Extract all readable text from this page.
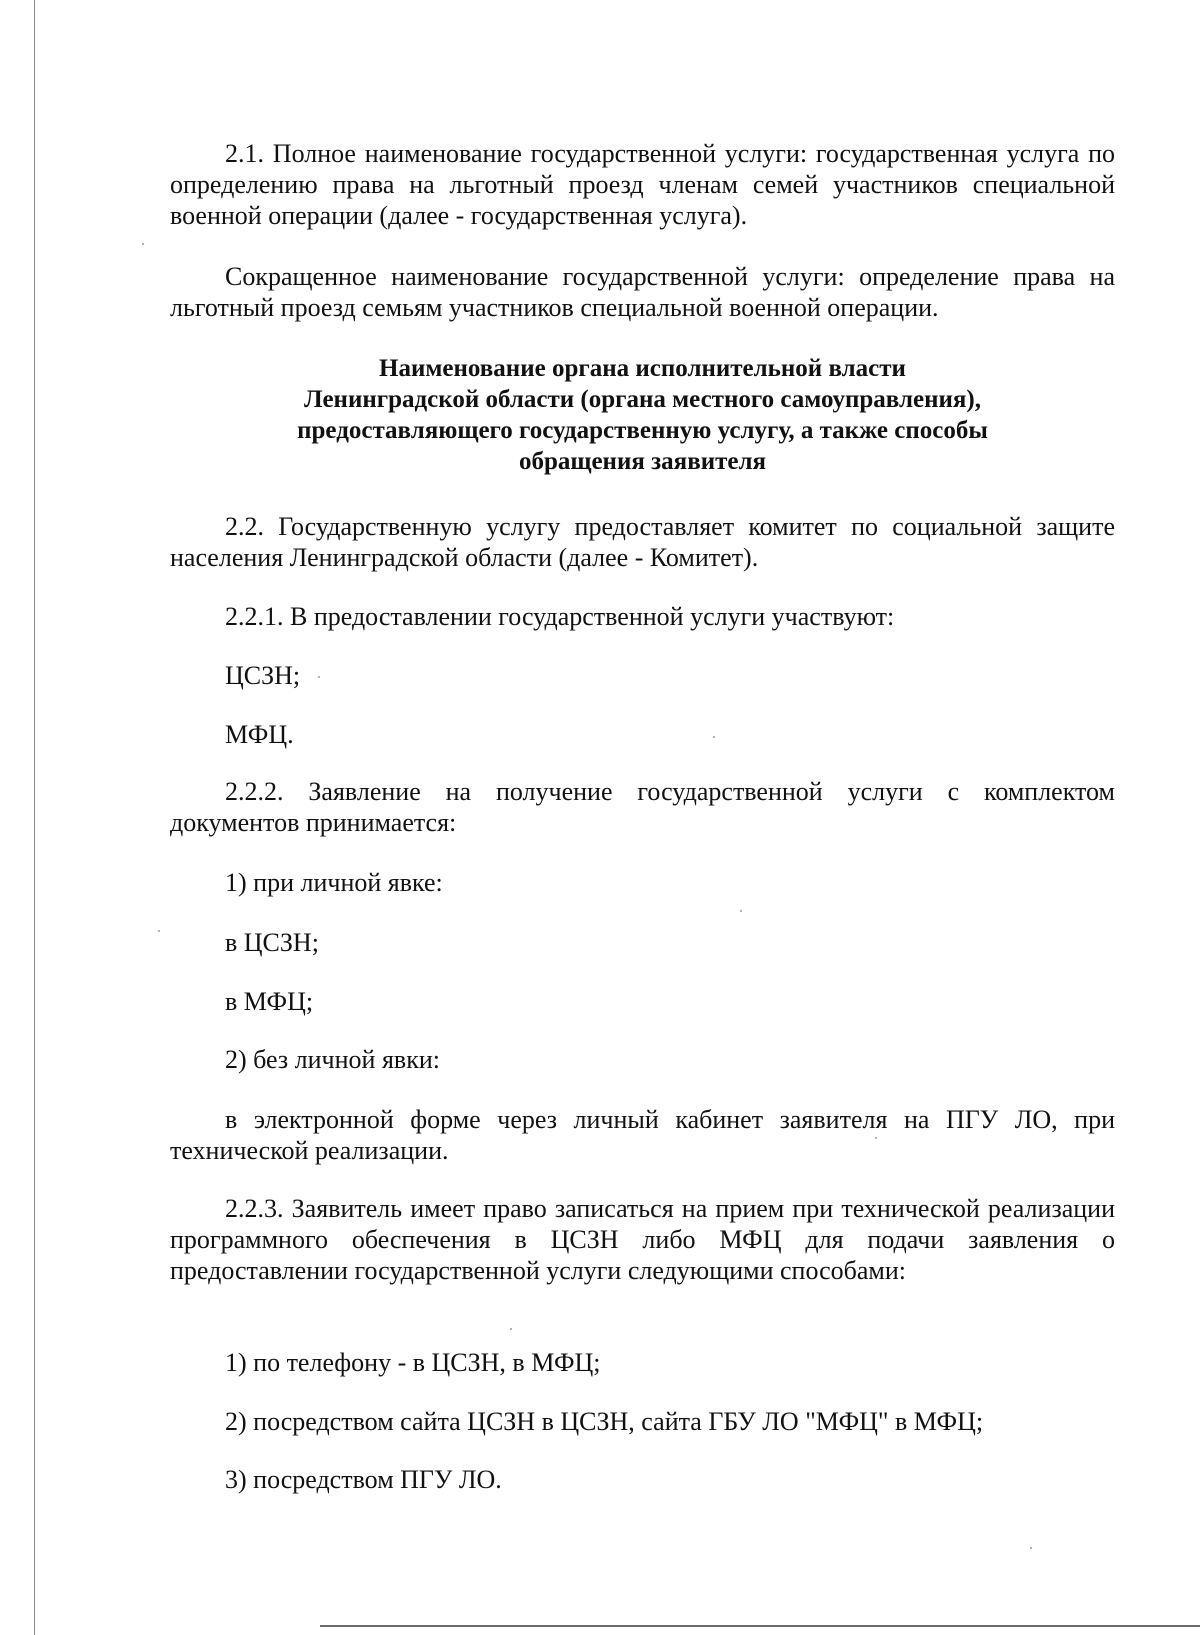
2.1. Полное наименование государственной услуги: государственная услуга по определению права на льготный проезд членам семей участников специальной военной операции (далее - государственная услуга).

Сокращенное наименование государственной услуги: определение права на льготный проезд семьям участников специальной военной операции.

Наименование органа исполнительной власти
Ленинградской области (органа местного самоуправления),
предоставляющего государственную услугу, а также способы
обращения заявителя

2.2. Государственную услугу предоставляет комитет по социальной защите населения Ленинградской области (далее - Комитет).

2.2.1. В предоставлении государственной услуги участвуют:

ЦСЗН;

МФЦ.

2.2.2. Заявление на получение государственной услуги с комплектом документов принимается:

1) при личной явке:

в ЦСЗН;

в МФЦ;

2) без личной явки:

в электронной форме через личный кабинет заявителя на ПГУ ЛО, при технической реализации.

2.2.3. Заявитель имеет право записаться на прием при технической реализации программного обеспечения в ЦСЗН либо МФЦ для подачи заявления о предоставлении государственной услуги следующими способами:

1) по телефону - в ЦСЗН, в МФЦ;

2) посредством сайта ЦСЗН в ЦСЗН, сайта ГБУ ЛО "МФЦ" в МФЦ;

3) посредством ПГУ ЛО.
